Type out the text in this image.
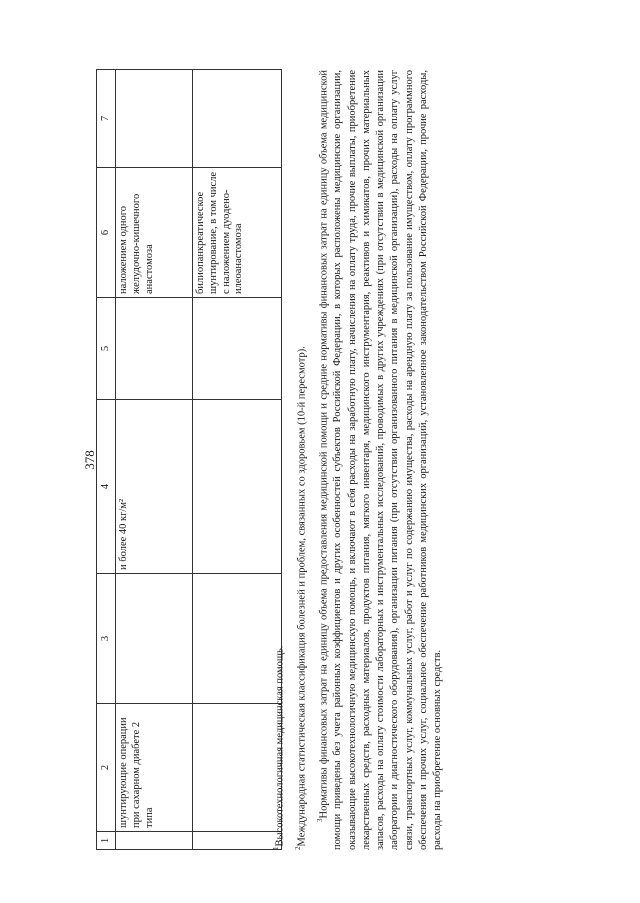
378
1	2	3	4	5	6	7
	шунтирующие операции при сахарном диабете 2 типа		и более 40 кг/м²		наложением одного желудочно-кишечного анастомоза	
					билиопанкреатическое шунтирование, в том числе с наложением дуодено-илеоанастомоза	

$^1$Высокотехнологичная медицинская помощь.

$^2$Международная статистическая классификация болезней и проблем, связанных со здоровьем (10-й пересмотр).	$^3$Нормативы финансовых затрат на единицу объема предоставления медицинской помощи и средние нормативы финансовых затрат на единицу объема медицинской помощи приведены без учета районных коэффициентов и других особенностей субъектов Российской Федерации, в которых расположены медицинские организации, оказывающие высокотехнологичную медицинскую помощь, и включают в себя расходы на заработную плату, начисления на оплату труда, прочие выплаты, приобретение лекарственных средств, расходных материалов, продуктов питания, мягкого инвентаря, медицинского инструментария, реактивов и химикатов, прочих материальных запасов, расходы на оплату стоимости лабораторных и инструментальных исследований, проводимых в других учреждениях (при отсутствии в медицинской организации лаборатории и диагностического оборудования), организации питания (при отсутствии организованного питания в медицинской организации), расходы на оплату услуг связи, транспортных услуг, коммунальных услуг, работ и услуг по содержанию имущества, расходы на арендную плату за пользование имуществом, оплату программного обеспечения и прочих услуг, социальное обеспечение работников медицинских организаций, установленное законодательством Российской Федерации, прочие расходы, расходы на приобретение основных средств.
